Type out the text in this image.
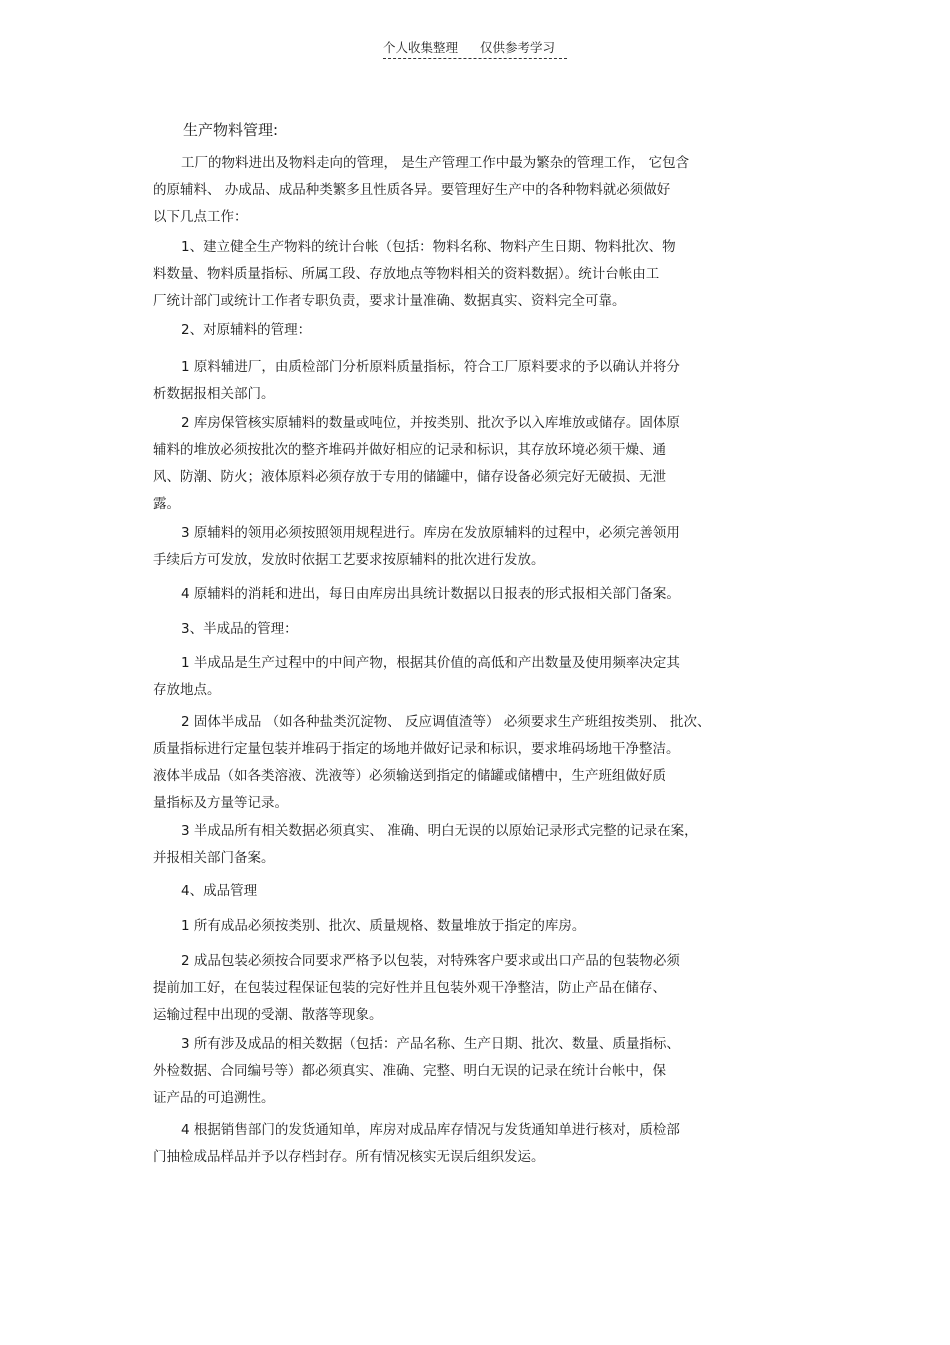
个人收集整理 仅供参考学习
生产物料管理:
工厂的物料进出及物料走向的管理， 是生产管理工作中最为繁杂的管理工作， 它包含
的原辅料、 办成品、成品种类繁多且性质各异。要管理好生产中的各种物料就必须做好
以下几点工作：
1、建立健全生产物料的统计台帐（包括：物料名称、物料产生日期、物料批次、物
料数量、物料质量指标、所属工段、存放地点等物料相关的资料数据）。统计台帐由工
厂统计部门或统计工作者专职负责，要求计量准确、数据真实、资料完全可靠。
2、对原辅料的管理：
1 原料辅进厂，由质检部门分析原料质量指标，符合工厂原料要求的予以确认并将分
析数据报相关部门。
2 库房保管核实原辅料的数量或吨位，并按类别、批次予以入库堆放或储存。固体原
辅料的堆放必须按批次的整齐堆码并做好相应的记录和标识，其存放环境必须干燥、通
风、防潮、防火；液体原料必须存放于专用的储罐中，储存设备必须完好无破损、无泄
露。
3 原辅料的领用必须按照领用规程进行。库房在发放原辅料的过程中，必须完善领用
手续后方可发放，发放时依据工艺要求按原辅料的批次进行发放。
4 原辅料的消耗和进出，每日由库房出具统计数据以日报表的形式报相关部门备案。
3、半成品的管理：
1 半成品是生产过程中的中间产物，根据其价值的高低和产出数量及使用频率决定其
存放地点。
2 固体半成品 （如各种盐类沉淀物、 反应调值渣等） 必须要求生产班组按类别、 批次、
质量指标进行定量包装并堆码于指定的场地并做好记录和标识，要求堆码场地干净整洁。
液体半成品（如各类溶液、洗液等）必须输送到指定的储罐或储槽中，生产班组做好质
量指标及方量等记录。
3 半成品所有相关数据必须真实、 准确、明白无误的以原始记录形式完整的记录在案，
并报相关部门备案。
4、成品管理
1 所有成品必须按类别、批次、质量规格、数量堆放于指定的库房。
2 成品包装必须按合同要求严格予以包装，对特殊客户要求或出口产品的包装物必须
提前加工好，在包装过程保证包装的完好性并且包装外观干净整洁，防止产品在储存、
运输过程中出现的受潮、散落等现象。
3 所有涉及成品的相关数据（包括：产品名称、生产日期、批次、数量、质量指标、
外检数据、合同编号等）都必须真实、准确、完整、明白无误的记录在统计台帐中，保
证产品的可追溯性。
4 根据销售部门的发货通知单，库房对成品库存情况与发货通知单进行核对，质检部
门抽检成品样品并予以存档封存。所有情况核实无误后组织发运。
